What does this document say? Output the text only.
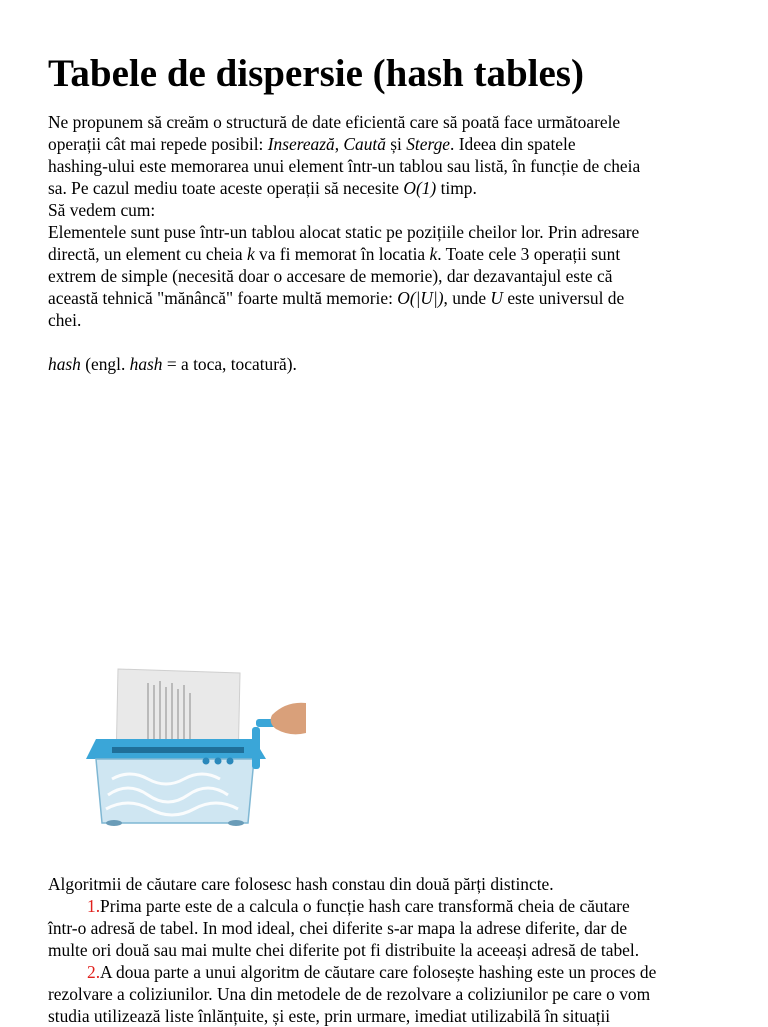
Tabele de dispersie (hash tables)
Ne propunem să creăm o structură de date eficientă care să poată face următoarele
operații cât mai repede posibil: Inserează, Caută și Sterge. Ideea din spatele
hashing-ului este memorarea unui element într-un tablou sau listă, în funcție de cheia
sa. Pe cazul mediu toate aceste operații să necesite O(1) timp.
Să vedem cum:
Elementele sunt puse într-un tablou alocat static pe pozițiile cheilor lor. Prin adresare
directă, un element cu cheia k va fi memorat în locatia k. Toate cele 3 operații sunt
extrem de simple (necesită doar o accesare de memorie), dar dezavantajul este că
această tehnică "mănâncă" foarte multă memorie: O(|U|), unde U este universul de
chei.
hash (engl. hash = a toca, tocatură).
Algoritmii de căutare care folosesc hash constau din două părți distincte.
1.Prima parte este de a calcula o funcție hash care transformă cheia de căutare
într-o adresă de tabel. In mod ideal, chei diferite s-ar mapa la adrese diferite, dar de
multe ori două sau mai multe chei diferite pot fi distribuite la aceeași adresă de tabel.
2.A doua parte a unui algoritm de căutare care folosește hashing este un proces de
rezolvare a coliziunilor. Una din metodele de de rezolvare a coliziunilor pe care o vom
studia utilizează liste înlănțuite, și este, prin urmare, imediat utilizabilă în situații
